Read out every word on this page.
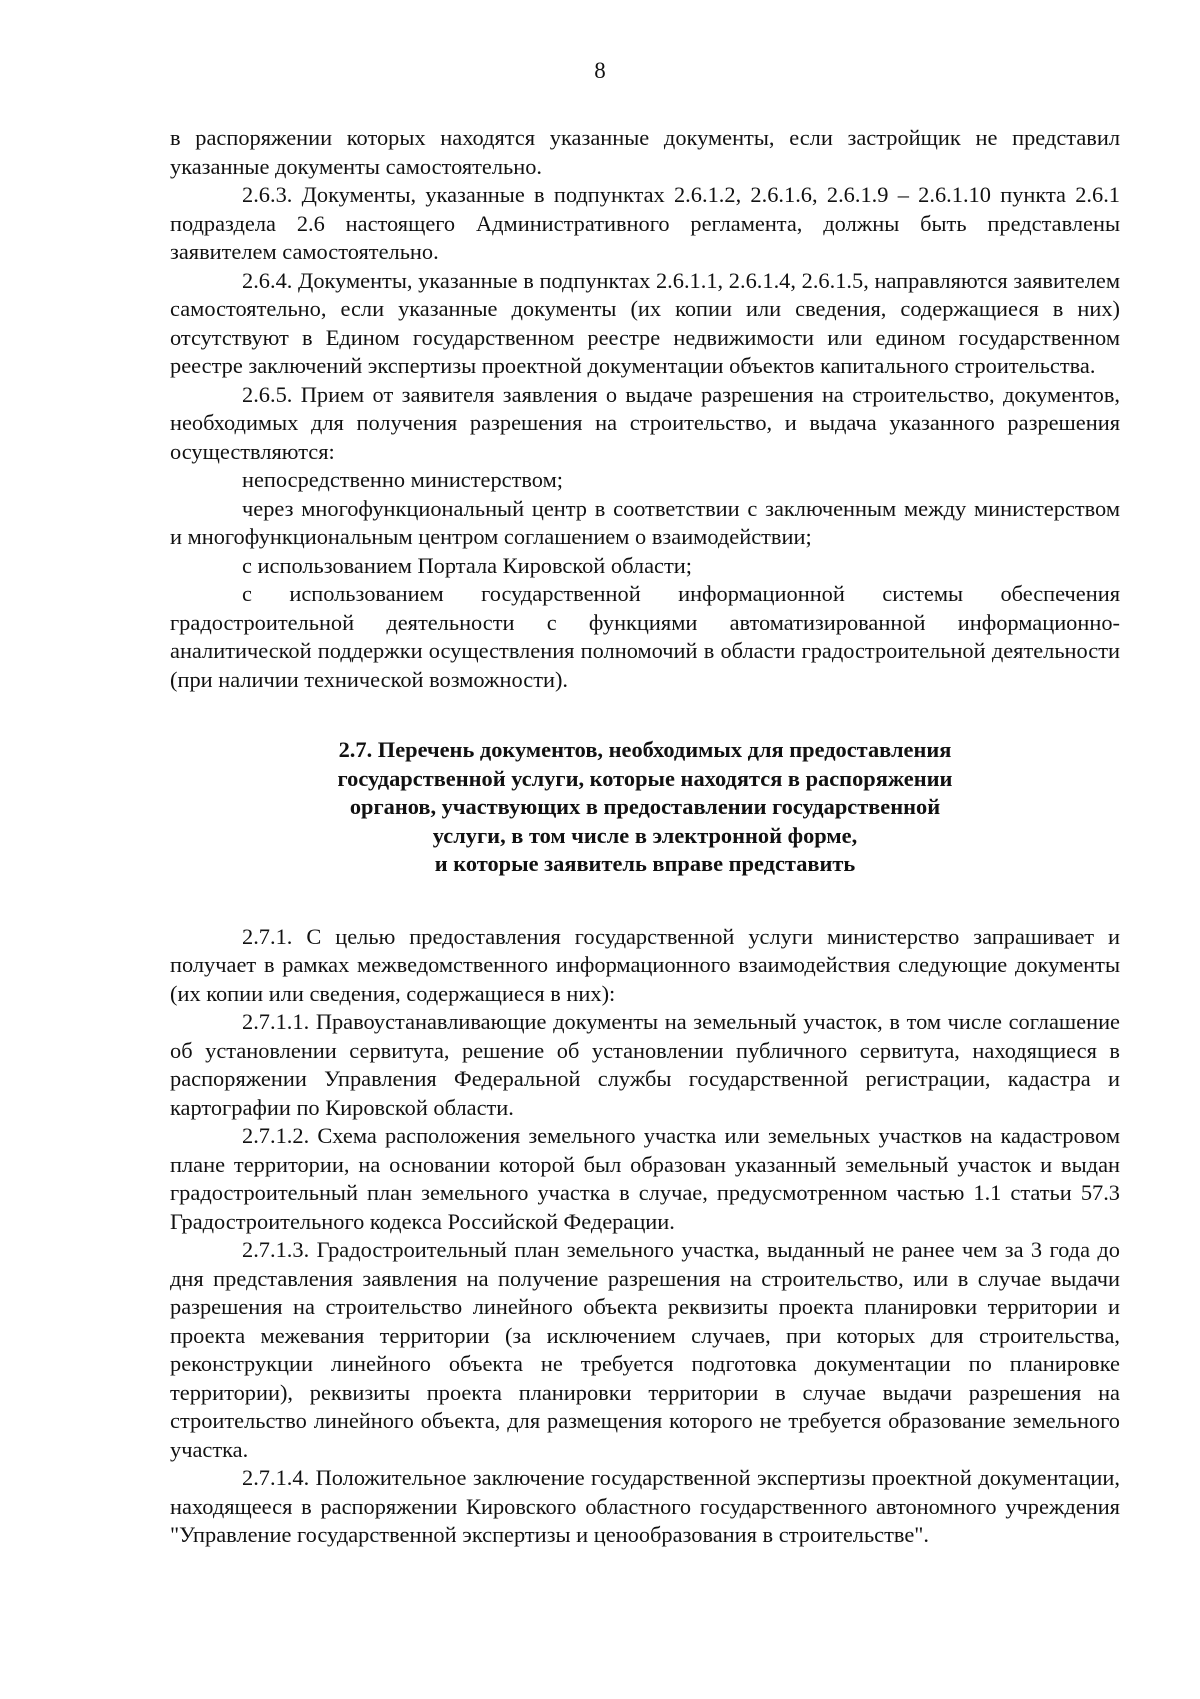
8

в распоряжении которых находятся указанные документы, если застройщик не представил указанные документы самостоятельно.

2.6.3. Документы, указанные в подпунктах 2.6.1.2, 2.6.1.6, 2.6.1.9 – 2.6.1.10 пункта 2.6.1 подраздела 2.6 настоящего Административного регламента, должны быть представлены заявителем самостоятельно.

2.6.4. Документы, указанные в подпунктах 2.6.1.1, 2.6.1.4, 2.6.1.5, направляются заявителем самостоятельно, если указанные документы (их копии или сведения, содержащиеся в них) отсутствуют в Едином государственном реестре недвижимости или едином государственном реестре заключений экспертизы проектной документации объектов капитального строительства.

2.6.5. Прием от заявителя заявления о выдаче разрешения на строительство, документов, необходимых для получения разрешения на строительство, и выдача указанного разрешения осуществляются:

непосредственно министерством;

через многофункциональный центр в соответствии с заключенным между министерством и многофункциональным центром соглашением о взаимодействии;

с использованием Портала Кировской области;

с использованием государственной информационной системы обеспечения градостроительной деятельности с функциями автоматизированной информационно-аналитической поддержки осуществления полномочий в области градостроительной деятельности (при наличии технической возможности).

2.7. Перечень документов, необходимых для предоставления
государственной услуги, которые находятся в распоряжении
органов, участвующих в предоставлении государственной
услуги, в том числе в электронной форме,
и которые заявитель вправе представить

2.7.1. С целью предоставления государственной услуги министерство запрашивает и получает в рамках межведомственного информационного взаимодействия следующие документы (их копии или сведения, содержащиеся в них):

2.7.1.1. Правоустанавливающие документы на земельный участок, в том числе соглашение об установлении сервитута, решение об установлении публичного сервитута, находящиеся в распоряжении Управления Федеральной службы государственной регистрации, кадастра и картографии по Кировской области.

2.7.1.2. Схема расположения земельного участка или земельных участков на кадастровом плане территории, на основании которой был образован указанный земельный участок и выдан градостроительный план земельного участка в случае, предусмотренном частью 1.1 статьи 57.3 Градостроительного кодекса Российской Федерации.

2.7.1.3. Градостроительный план земельного участка, выданный не ранее чем за 3 года до дня представления заявления на получение разрешения на строительство, или в случае выдачи разрешения на строительство линейного объекта реквизиты проекта планировки территории и проекта межевания территории (за исключением случаев, при которых для строительства, реконструкции линейного объекта не требуется подготовка документации по планировке территории), реквизиты проекта планировки территории в случае выдачи разрешения на строительство линейного объекта, для размещения которого не требуется образование земельного участка.

2.7.1.4. Положительное заключение государственной экспертизы проектной документации, находящееся в распоряжении Кировского областного государственного автономного учреждения "Управление государственной экспертизы и ценообразования в строительстве".
